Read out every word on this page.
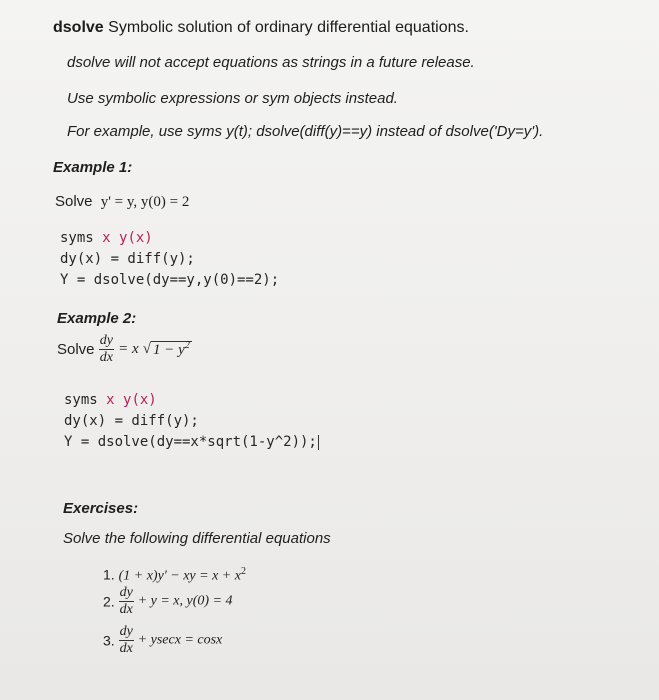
dsolve Symbolic solution of ordinary differential equations.
dsolve will not accept equations as strings in a future release.
Use symbolic expressions or sym objects instead.
For example, use syms y(t); dsolve(diff(y)==y) instead of dsolve('Dy=y').
Example 1:
Solve y' = y, y(0) = 2
syms x y(x)
dy(x) = diff(y);
Y = dsolve(dy==y,y(0)==2);
Example 2:
Solve $\frac{dy}{dx} = x$ √ $1 - y^2$
syms x y(x)
dy(x) = diff(y);
Y = dsolve(dy==x*sqrt(1-y^2));
Exercises:
Solve the following differential equations
1. (1 + x)y' − xy = $x + x^2$
2. $\frac{dy}{dx} + y = x$, y(0) = 4
3. $\frac{dy}{dx} + ysecx = \cos x$
